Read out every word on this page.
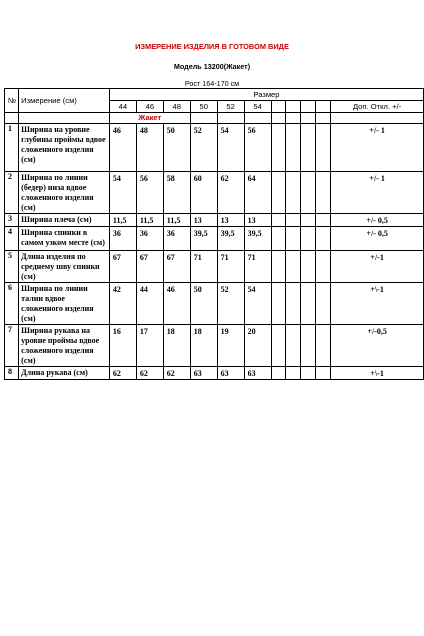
ИЗМЕРЕНИЕ ИЗДЕЛИЯ В ГОТОВОМ ВИДЕ
Модель 13200(Жакет)
Рост 164-170 см
№	Измерение (см)	Размер										
		44	46	48	50	52	54					Доп. Откл. +/-
		Жакет										
1	Ширина на уровне глубины проймы вдвое сложенного изделия (см)	46	48	50	52	54	56					+/- 1
2	Ширина по линии (бедер) низа вдвое сложенного изделия (см)	54	56	58	60	62	64					+/- 1
3	Ширина плеча (см)	11,5	11,5	11,5	13	13	13					+/- 0,5
4	Ширина спинки в самом узком месте (см)	36	36	36	39,5	39,5	39,5					+/- 0,5
5	Длина изделия по среднему шву спинки (см)	67	67	67	71	71	71					+/-1
6	Ширина по линии талии вдвое сложенного изделия (см)	42	44	46	50	52	54					+\-1
7	Ширина рукава на уровне проймы вдвое сложенного изделия (см)	16	17	18	18	19	20					+/-0,5
8	Длина рукава (см)	62	62	62	63	63	63					+\-1
